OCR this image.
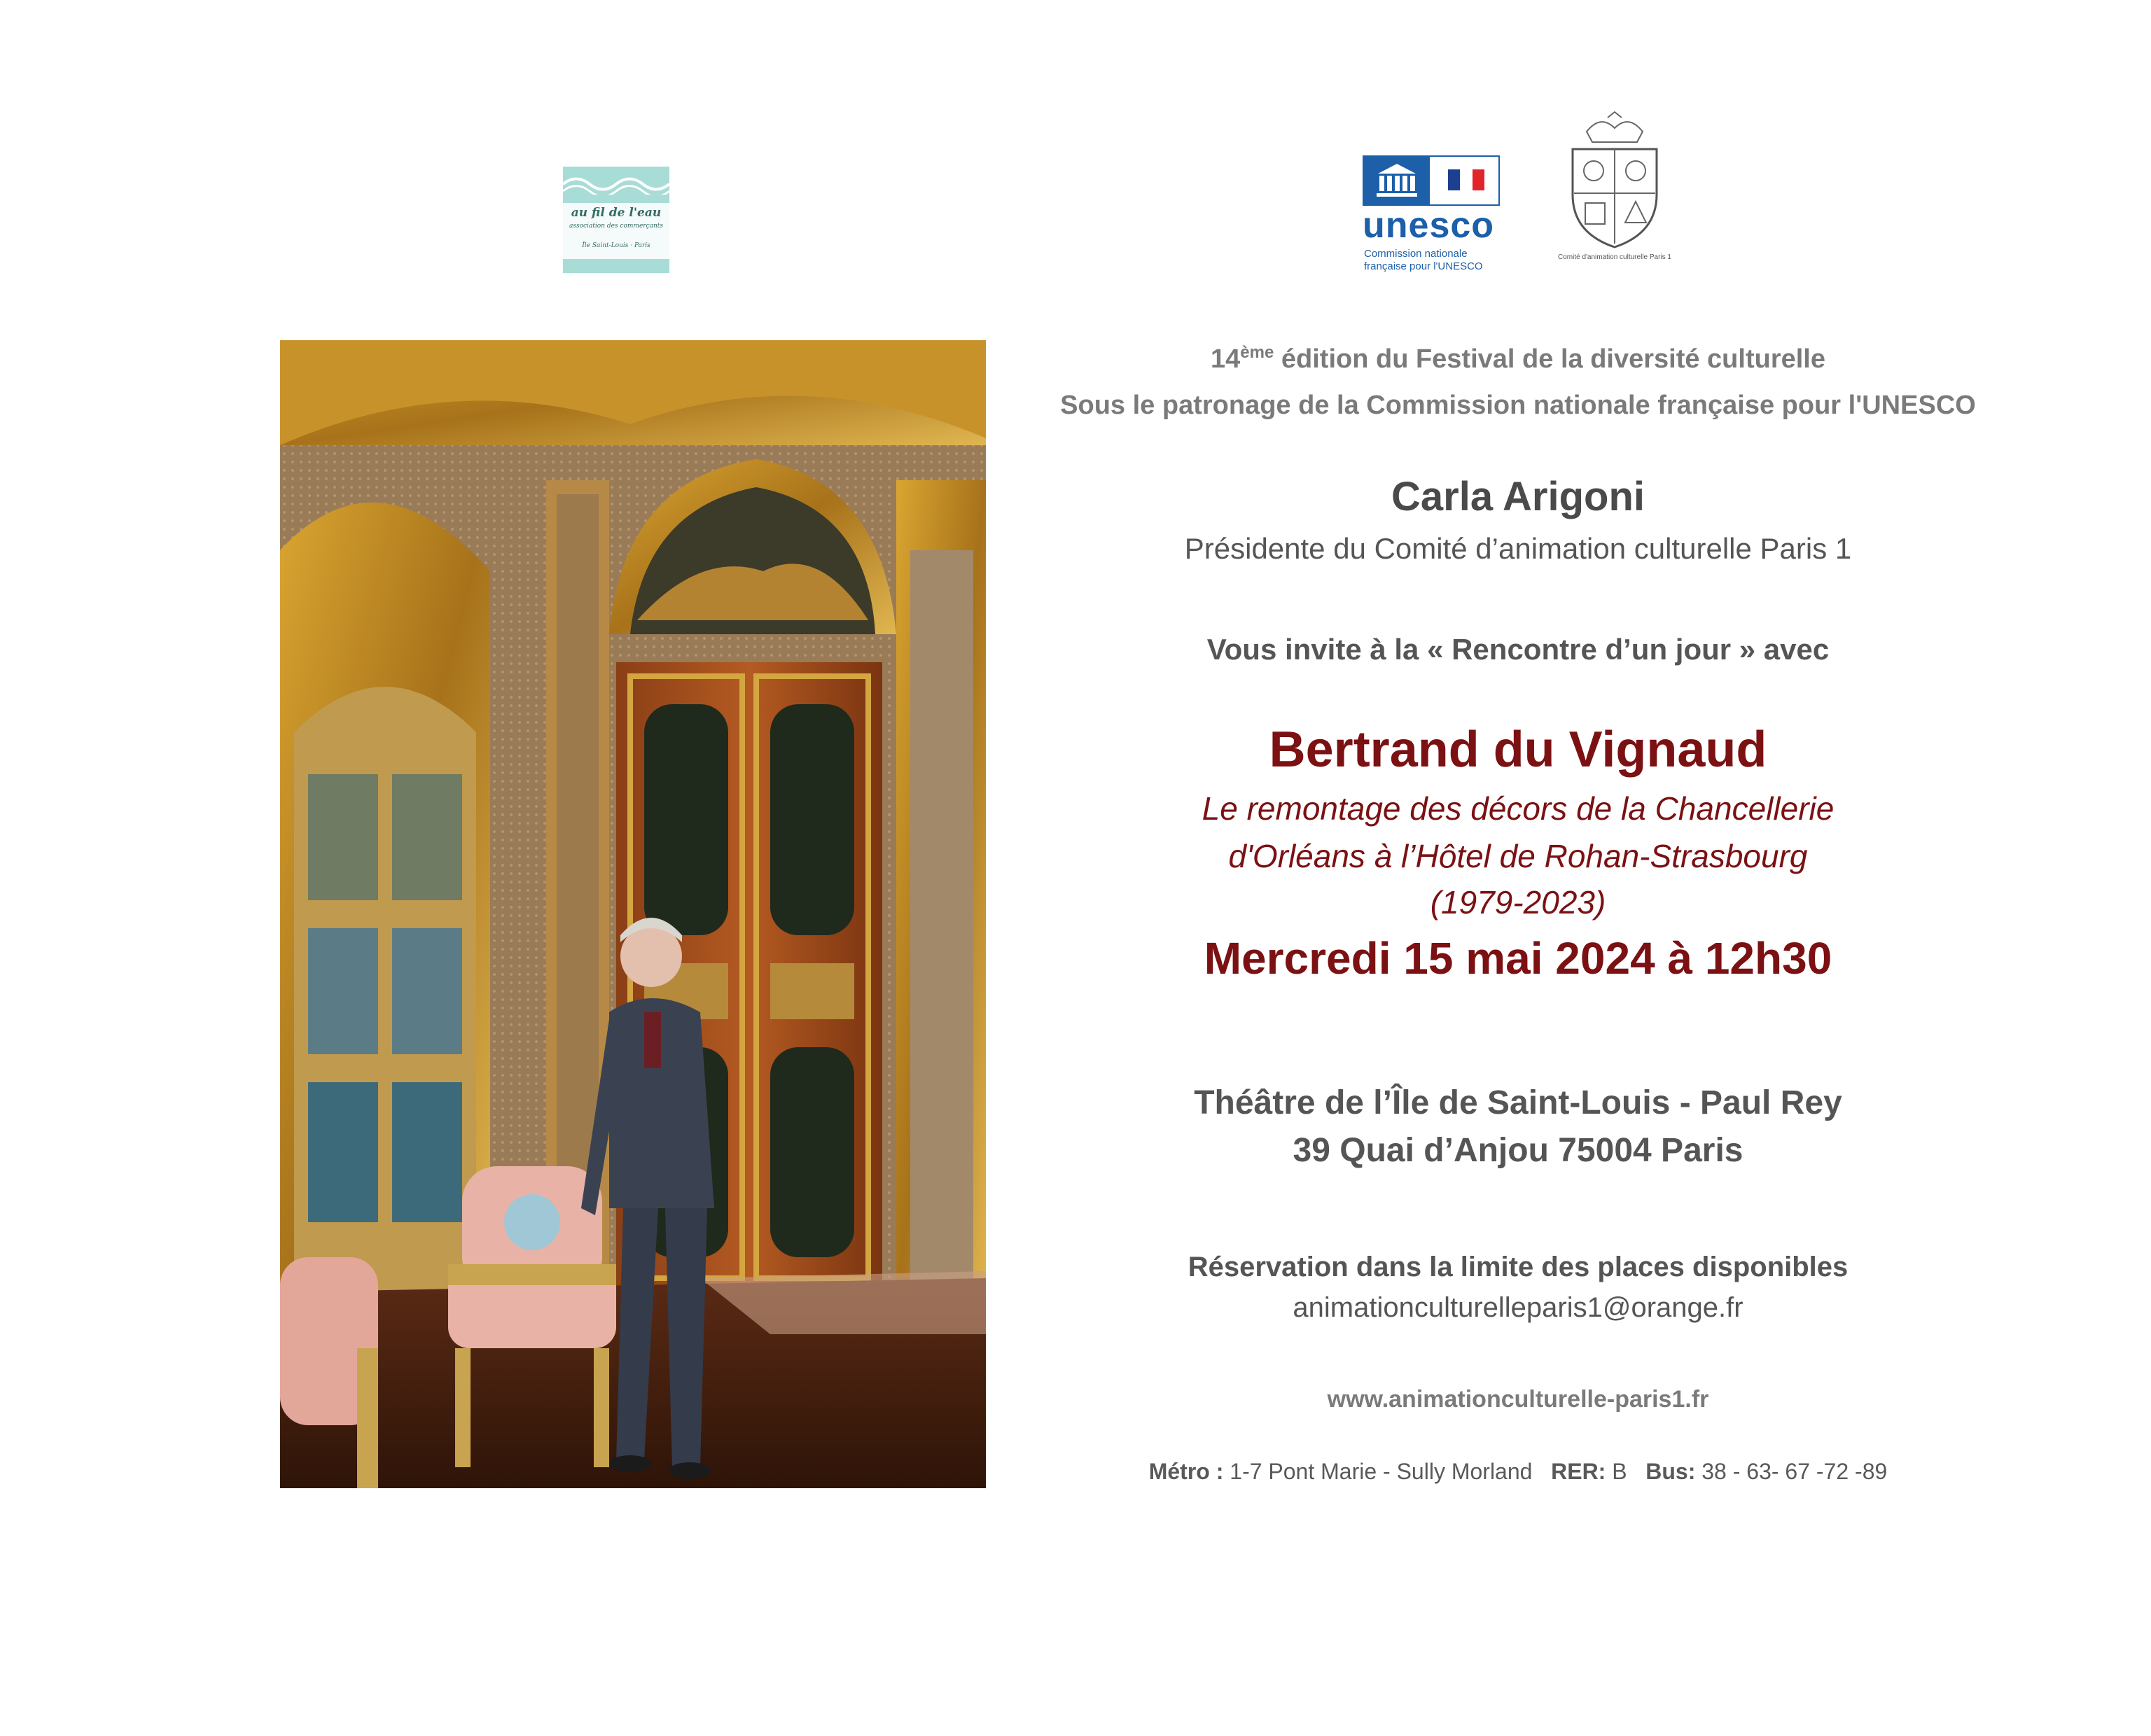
au fil de l'eau
association des commerçants
Île Saint-Louis · Paris	unesco
Commission nationale
française pour l'UNESCO
Comité d'animation culturelle Paris 1
14ème édition du Festival de la diversité culturelle
Sous le patronage de la Commission nationale française pour l'UNESCO
Carla Arigoni
Présidente du Comité d’animation culturelle Paris 1
Vous invite à la « Rencontre d’un jour » avec
Bertrand du Vignaud
Le remontage des décors de la Chancellerie
d'Orléans à l’Hôtel de Rohan-Strasbourg
(1979-2023)
Mercredi 15 mai 2024 à 12h30
Théâtre de l’Île de Saint-Louis - Paul Rey
39 Quai d’Anjou 75004 Paris
Réservation dans la limite des places disponibles
animationculturelleparis1@orange.fr
www.animationculturelle-paris1.fr
Métro : 1-7 Pont Marie - Sully Morland RER: B Bus: 38 - 63- 67 -72 -89
